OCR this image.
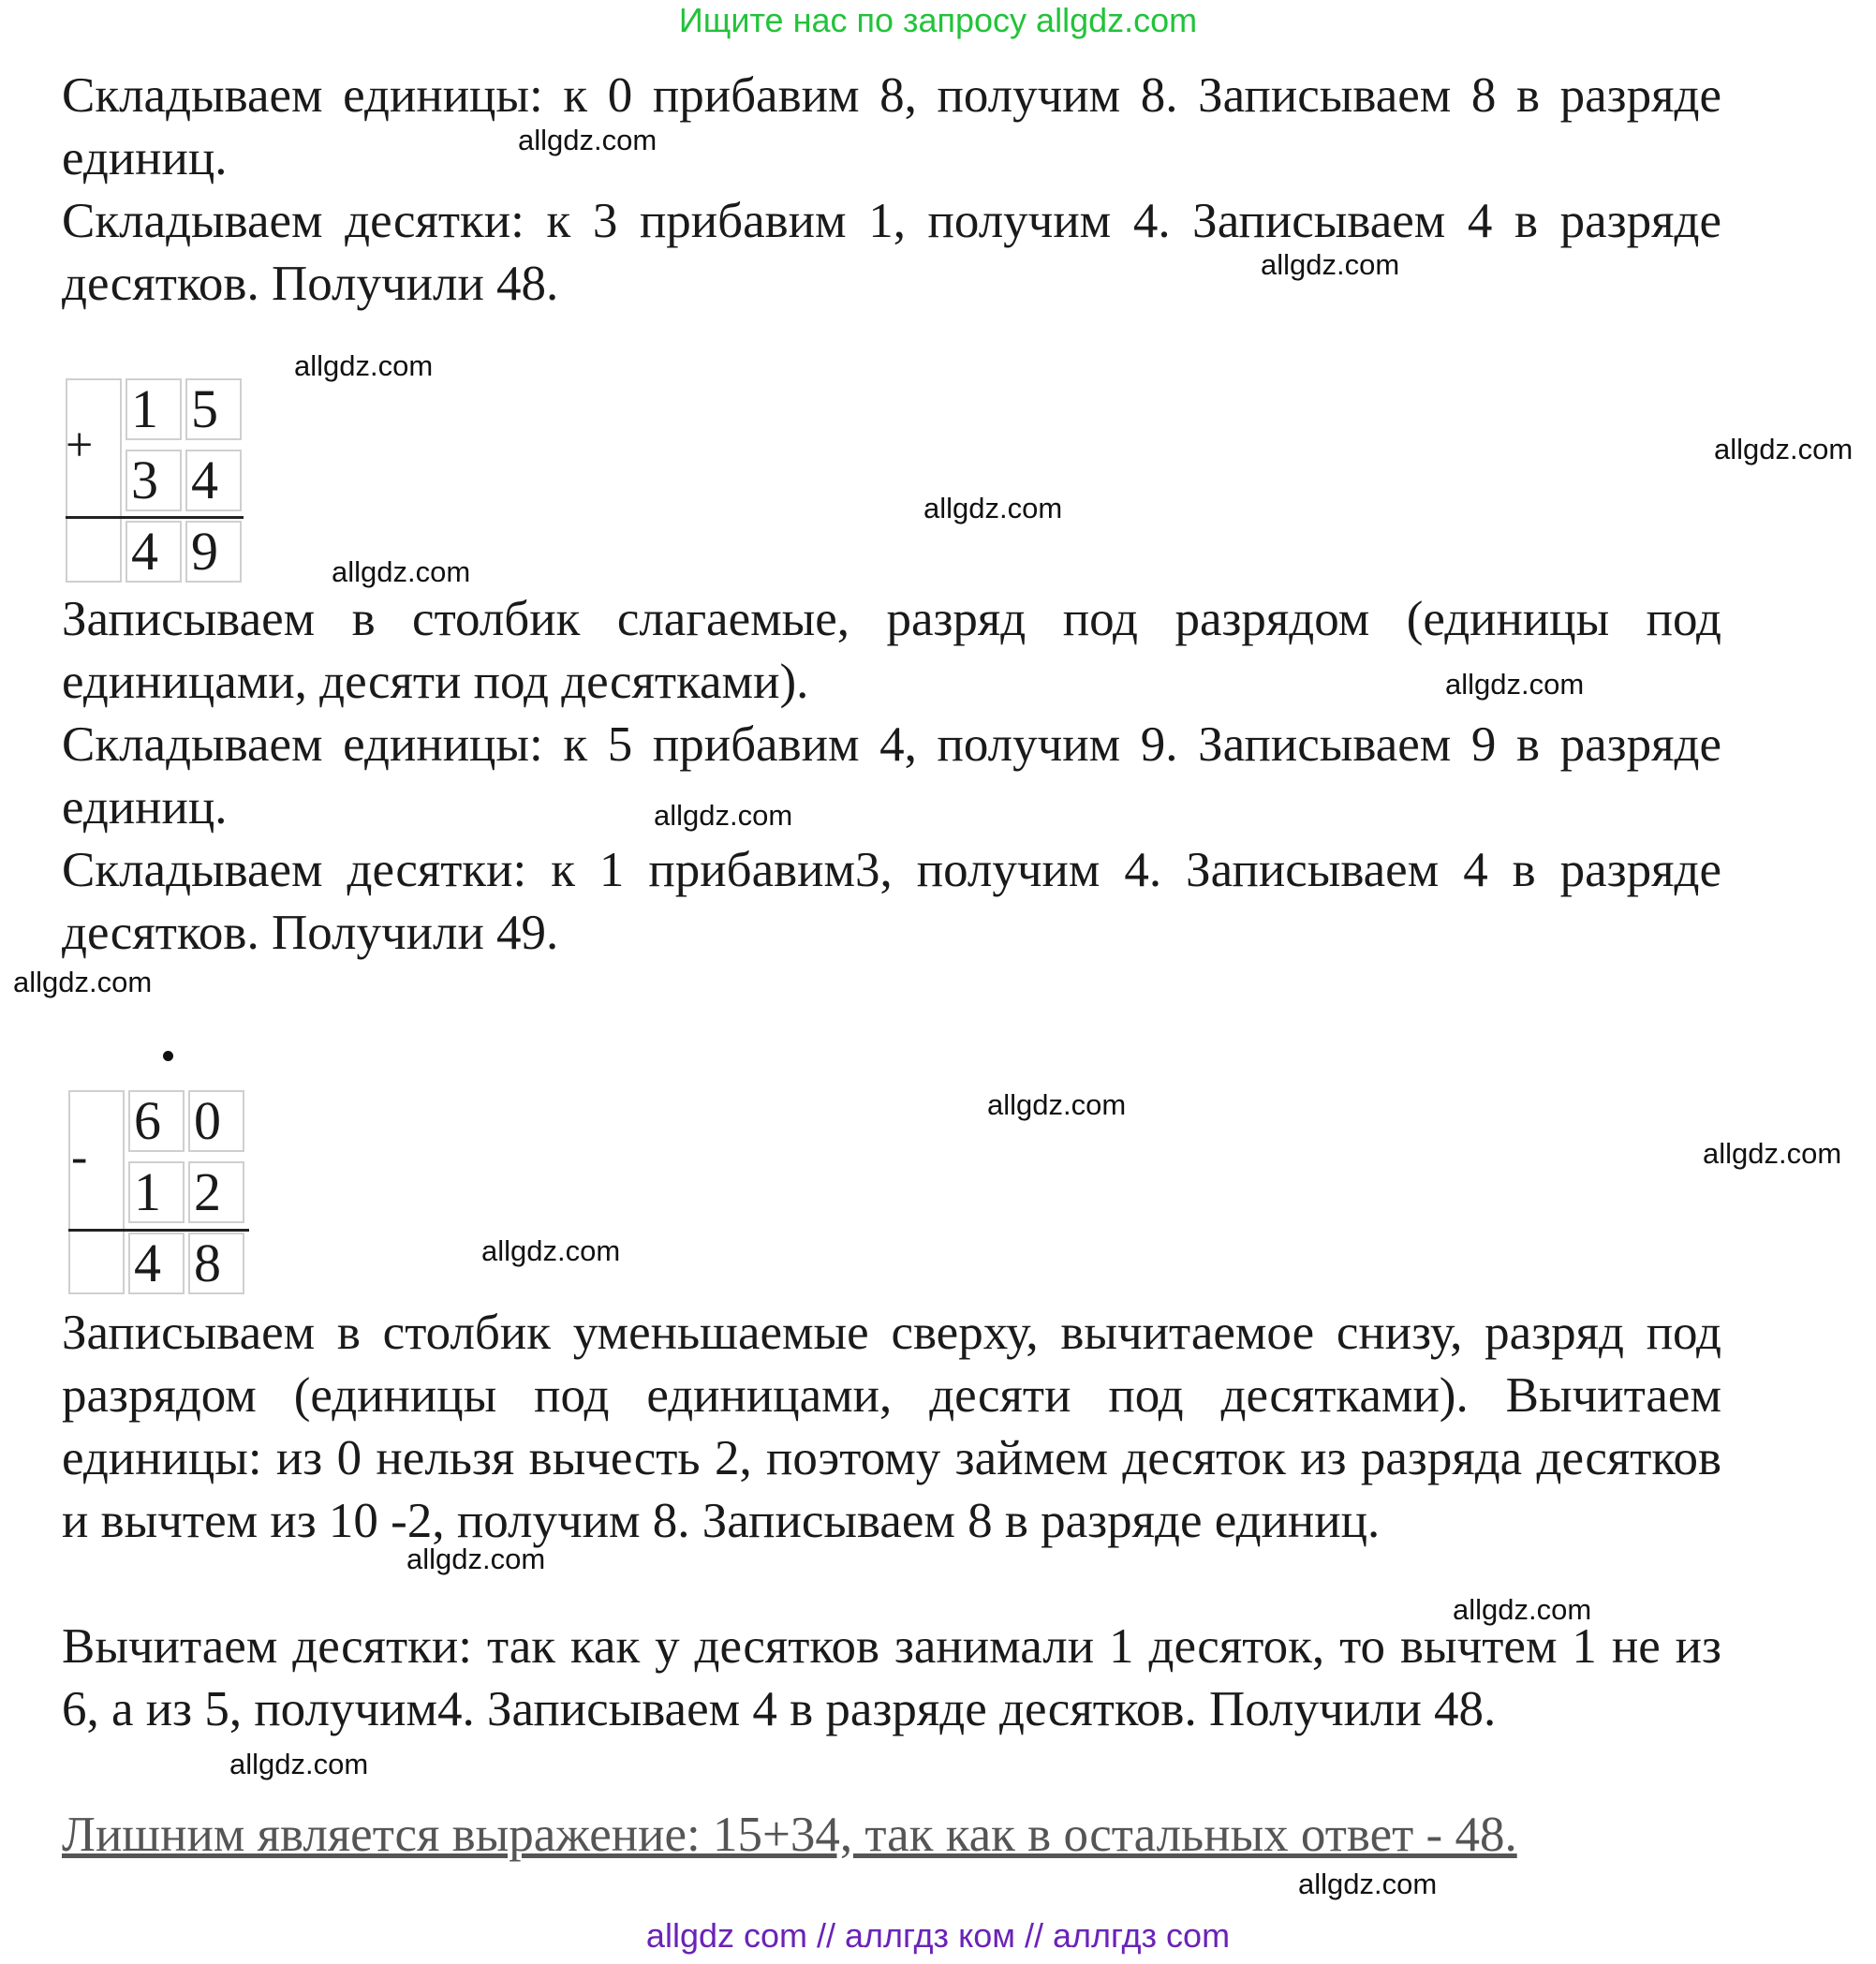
Ищите нас по запросу allgdz.com

Складываем единицы: к 0 прибавим 8, получим 8. Записываем 8 в разряде единиц.

Складываем десятки: к 3 прибавим 1, получим 4. Записываем 4 в разряде десятков. Получили 48.

+
1 5
3 4
4 9

Записываем в столбик слагаемые, разряд под разрядом (единицы под единицами, десяти под десятками).

Складываем единицы: к 5 прибавим 4, получим 9. Записываем 9 в разряде единиц.

Складываем десятки: к 1 прибавим3, получим 4. Записываем 4 в разряде десятков. Получили 49.

-
6 0
1 2
4 8

Записываем в столбик уменьшаемые сверху, вычитаемое снизу, разряд под разрядом (единицы под единицами, десяти под десятками). Вычитаем единицы: из 0 нельзя вычесть 2, поэтому займем десяток из разряда десятков и вычтем из 10 -2, получим 8. Записываем 8 в разряде единиц.

Вычитаем десятки: так как у десятков занимали 1 десяток, то вычтем 1 не из 6, а из 5, получим4. Записываем 4 в разряде десятков. Получили 48.

Лишним является выражение: 15+34, так как в остальных ответ - 48.

allgdz.com
allgdz.com
allgdz.com
allgdz.com
allgdz.com
allgdz.com
allgdz.com
allgdz.com
allgdz.com
allgdz.com
allgdz.com
allgdz.com
allgdz.com
allgdz.com
allgdz.com
allgdz.com
allgdz com // аллгдз ком // аллгдз com
